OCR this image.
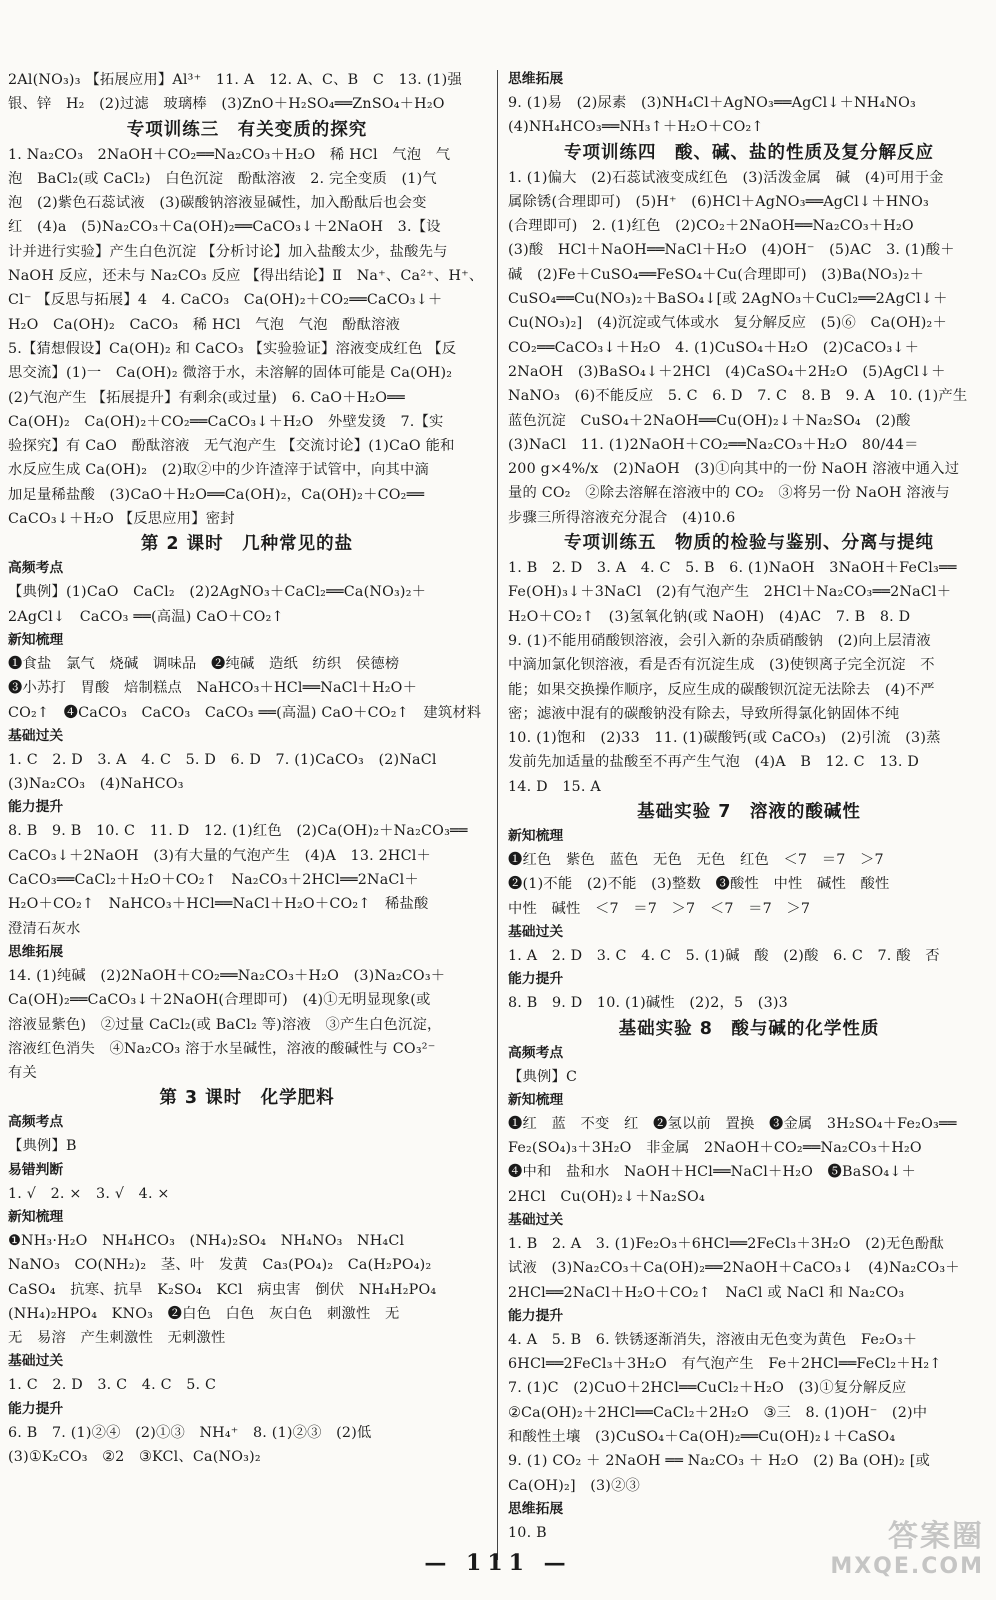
2Al(NO₃)₃ 【拓展应用】Al³⁺　11. A　12. A、C、B　C　13. (1)强
银、锌　H₂　(2)过滤　玻璃棒　(3)ZnO＋H₂SO₄══ZnSO₄＋H₂O
专项训练三　有关变质的探究
1. Na₂CO₃　2NaOH＋CO₂══Na₂CO₃＋H₂O　稀 HCl　气泡　气
泡　BaCl₂(或 CaCl₂)　白色沉淀　酚酞溶液　2. 完全变质　(1)气
泡　(2)紫色石蕊试液　(3)碳酸钠溶液显碱性，加入酚酞后也会变
红　(4)a　(5)Na₂CO₃＋Ca(OH)₂══CaCO₃↓＋2NaOH　3.【设
计并进行实验】产生白色沉淀 【分析讨论】加入盐酸太少，盐酸先与
NaOH 反应，还未与 Na₂CO₃ 反应 【得出结论】Ⅱ　Na⁺、Ca²⁺、H⁺、
Cl⁻ 【反思与拓展】4　4. CaCO₃　Ca(OH)₂＋CO₂══CaCO₃↓＋
H₂O　Ca(OH)₂　CaCO₃　稀 HCl　气泡　气泡　酚酞溶液
5.【猜想假设】Ca(OH)₂ 和 CaCO₃ 【实验验证】溶液变成红色 【反
思交流】(1)一　Ca(OH)₂ 微溶于水，未溶解的固体可能是 Ca(OH)₂
(2)气泡产生 【拓展提升】有剩余(或过量)　6. CaO＋H₂O══
Ca(OH)₂　Ca(OH)₂＋CO₂══CaCO₃↓＋H₂O　外壁发烫　7.【实
验探究】有 CaO　酚酞溶液　无气泡产生 【交流讨论】(1)CaO 能和
水反应生成 Ca(OH)₂　(2)取②中的少许渣滓于试管中，向其中滴
加足量稀盐酸　(3)CaO＋H₂O══Ca(OH)₂，Ca(OH)₂＋CO₂══
CaCO₃↓＋H₂O 【反思应用】密封
第 2 课时　几种常见的盐
高频考点
【典例】(1)CaO　CaCl₂　(2)2AgNO₃＋CaCl₂══Ca(NO₃)₂＋
2AgCl↓　CaCO₃ ══(高温) CaO＋CO₂↑
新知梳理
❶食盐　氯气　烧碱　调味品　❷纯碱　造纸　纺织　侯德榜
❸小苏打　胃酸　焙制糕点　NaHCO₃＋HCl══NaCl＋H₂O＋
CO₂↑　❹CaCO₃　CaCO₃　CaCO₃ ══(高温) CaO＋CO₂↑　建筑材料
基础过关
1. C　2. D　3. A　4. C　5. D　6. D　7. (1)CaCO₃　(2)NaCl
(3)Na₂CO₃　(4)NaHCO₃
能力提升
8. B　9. B　10. C　11. D　12. (1)红色　(2)Ca(OH)₂＋Na₂CO₃══
CaCO₃↓＋2NaOH　(3)有大量的气泡产生　(4)A　13. 2HCl＋
CaCO₃══CaCl₂＋H₂O＋CO₂↑　Na₂CO₃＋2HCl══2NaCl＋
H₂O＋CO₂↑　NaHCO₃＋HCl══NaCl＋H₂O＋CO₂↑　稀盐酸
澄清石灰水
思维拓展
14. (1)纯碱　(2)2NaOH＋CO₂══Na₂CO₃＋H₂O　(3)Na₂CO₃＋
Ca(OH)₂══CaCO₃↓＋2NaOH(合理即可)　(4)①无明显现象(或
溶液显紫色)　②过量 CaCl₂(或 BaCl₂ 等)溶液　③产生白色沉淀，
溶液红色消失　④Na₂CO₃ 溶于水呈碱性，溶液的酸碱性与 CO₃²⁻
有关
第 3 课时　化学肥料
高频考点
【典例】B
易错判断
1. √　2. ×　3. √　4. ×
新知梳理
❶NH₃·H₂O　NH₄HCO₃　(NH₄)₂SO₄　NH₄NO₃　NH₄Cl
NaNO₃　CO(NH₂)₂　茎、叶　发黄　Ca₃(PO₄)₂　Ca(H₂PO₄)₂
CaSO₄　抗寒、抗旱　K₂SO₄　KCl　病虫害　倒伏　NH₄H₂PO₄
(NH₄)₂HPO₄　KNO₃　❷白色　白色　灰白色　刺激性　无
无　易溶　产生刺激性　无刺激性
基础过关
1. C　2. D　3. C　4. C　5. C
能力提升
6. B　7. (1)②④　(2)①③　NH₄⁺　8. (1)②③　(2)低
(3)①K₂CO₃　②2　③KCl、Ca(NO₃)₂
思维拓展
9. (1)易　(2)尿素　(3)NH₄Cl＋AgNO₃══AgCl↓＋NH₄NO₃
(4)NH₄HCO₃══NH₃↑＋H₂O＋CO₂↑
专项训练四　酸、碱、盐的性质及复分解反应
1. (1)偏大　(2)石蕊试液变成红色　(3)活泼金属　碱　(4)可用于金
属除锈(合理即可)　(5)H⁺　(6)HCl＋AgNO₃══AgCl↓＋HNO₃
(合理即可)　2. (1)红色　(2)CO₂＋2NaOH══Na₂CO₃＋H₂O
(3)酸　HCl＋NaOH══NaCl＋H₂O　(4)OH⁻　(5)AC　3. (1)酸＋
碱　(2)Fe＋CuSO₄══FeSO₄＋Cu(合理即可)　(3)Ba(NO₃)₂＋
CuSO₄══Cu(NO₃)₂＋BaSO₄↓[或 2AgNO₃＋CuCl₂══2AgCl↓＋
Cu(NO₃)₂]　(4)沉淀或气体或水　复分解反应　(5)⑥　Ca(OH)₂＋
CO₂══CaCO₃↓＋H₂O　4. (1)CuSO₄＋H₂O　(2)CaCO₃↓＋
2NaOH　(3)BaSO₄↓＋2HCl　(4)CaSO₄＋2H₂O　(5)AgCl↓＋
NaNO₃　(6)不能反应　5. C　6. D　7. C　8. B　9. A　10. (1)产生
蓝色沉淀　CuSO₄＋2NaOH══Cu(OH)₂↓＋Na₂SO₄　(2)酸
(3)NaCl　11. (1)2NaOH＋CO₂══Na₂CO₃＋H₂O　80/44＝
200 g×4%/x　(2)NaOH　(3)①向其中的一份 NaOH 溶液中通入过
量的 CO₂　②除去溶解在溶液中的 CO₂　③将另一份 NaOH 溶液与
步骤三所得溶液充分混合　(4)10.6
专项训练五　物质的检验与鉴别、分离与提纯
1. B　2. D　3. A　4. C　5. B　6. (1)NaOH　3NaOH＋FeCl₃══
Fe(OH)₃↓＋3NaCl　(2)有气泡产生　2HCl＋Na₂CO₃══2NaCl＋
H₂O＋CO₂↑　(3)氢氧化钠(或 NaOH)　(4)AC　7. B　8. D
9. (1)不能用硝酸钡溶液，会引入新的杂质硝酸钠　(2)向上层清液
中滴加氯化钡溶液，看是否有沉淀生成　(3)使钡离子完全沉淀　不
能；如果交换操作顺序，反应生成的碳酸钡沉淀无法除去　(4)不严
密；滤液中混有的碳酸钠没有除去，导致所得氯化钠固体不纯
10. (1)饱和　(2)33　11. (1)碳酸钙(或 CaCO₃)　(2)引流　(3)蒸
发前先加适量的盐酸至不再产生气泡　(4)A　B　12. C　13. D
14. D　15. A
基础实验 7　溶液的酸碱性
新知梳理
❶红色　紫色　蓝色　无色　无色　红色　＜7　＝7　＞7
❷(1)不能　(2)不能　(3)整数　❸酸性　中性　碱性　酸性
中性　碱性　＜7　＝7　＞7　＜7　＝7　＞7
基础过关
1. A　2. D　3. C　4. C　5. (1)碱　酸　(2)酸　6. C　7. 酸　否
能力提升
8. B　9. D　10. (1)碱性　(2)2，5　(3)3
基础实验 8　酸与碱的化学性质
高频考点
【典例】C
新知梳理
❶红　蓝　不变　红　❷氢以前　置换　❸金属　3H₂SO₄＋Fe₂O₃══
Fe₂(SO₄)₃＋3H₂O　非金属　2NaOH＋CO₂══Na₂CO₃＋H₂O
❹中和　盐和水　NaOH＋HCl══NaCl＋H₂O　❺BaSO₄↓＋
2HCl　Cu(OH)₂↓＋Na₂SO₄
基础过关
1. B　2. A　3. (1)Fe₂O₃＋6HCl══2FeCl₃＋3H₂O　(2)无色酚酞
试液　(3)Na₂CO₃＋Ca(OH)₂══2NaOH＋CaCO₃↓　(4)Na₂CO₃＋
2HCl══2NaCl＋H₂O＋CO₂↑　NaCl 或 NaCl 和 Na₂CO₃
能力提升
4. A　5. B　6. 铁锈逐渐消失，溶液由无色变为黄色　Fe₂O₃＋
6HCl══2FeCl₃＋3H₂O　有气泡产生　Fe＋2HCl══FeCl₂＋H₂↑
7. (1)C　(2)CuO＋2HCl══CuCl₂＋H₂O　(3)①复分解反应
②Ca(OH)₂＋2HCl══CaCl₂＋2H₂O　③三　8. (1)OH⁻　(2)中
和酸性土壤　(3)CuSO₄＋Ca(OH)₂══Cu(OH)₂↓＋CaSO₄
9. (1) CO₂ ＋ 2NaOH ══ Na₂CO₃ ＋ H₂O　(2) Ba (OH)₂ [或
Ca(OH)₂]　(3)②③
思维拓展
10. B
— 111 —
答案圈
MXQE.COM
